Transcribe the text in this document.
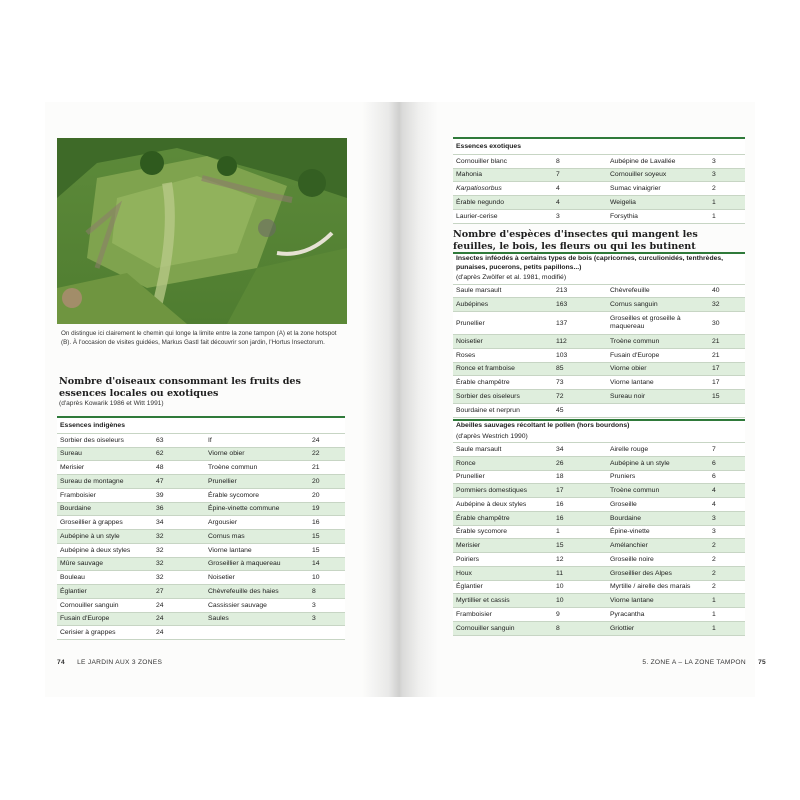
On distingue ici clairement le chemin qui longe la limite entre la zone tampon (A) et la zone hotspot (B). À l'occasion de visites guidées, Markus Gastl fait découvrir son jardin, l'Hortus Insectorum.

Nombre d'oiseaux consommant les fruits des essences locales ou exotiques

(d'après Kowarik 1986 et Witt 1991)

Essences indigènes			
Sorbier des oiseleurs	63	If	24
Sureau	62	Viorne obier	22
Merisier	48	Troène commun	21
Sureau de montagne	47	Prunellier	20
Framboisier	39	Érable sycomore	20
Bourdaine	36	Épine-vinette commune	19
Groseillier à grappes	34	Argousier	16
Aubépine à un style	32	Cornus mas	15
Aubépine à deux styles	32	Viorne lantane	15
Mûre sauvage	32	Groseillier à maquereau	14
Bouleau	32	Noisetier	10
Églantier	27	Chèvrefeuille des haies	8
Cornouiller sanguin	24	Cassissier sauvage	3
Fusain d'Europe	24	Saules	3
Cerisier à grappes	24		
Essences exotiques			
Cornouiller blanc	8	Aubépine de Lavallée	3
Mahonia	7	Cornouiller soyeux	3
Karpatiosorbus	4	Sumac vinaigrier	2
Érable negundo	4	Weigelia	1
Laurier-cerise	3	Forsythia	1
Nombre d'espèces d'insectes qui mangent les feuilles, le bois, les fleurs ou qui les butinent
Insectes inféodés à certains types de bois (capricornes, curculionidés, tenthrèdes, punaises, pucerons, petits papillons...)
(d'après Zwölfer et al. 1981, modifié)			

Saule marsault	213	Chèvrefeuille	40
Aubépines	163	Cornus sanguin	32
Prunellier	137	Groseilles et groseille à maquereau	30
Noisetier	112	Troène commun	21
Roses	103	Fusain d'Europe	21
Ronce et framboise	85	Viorne obier	17
Érable champêtre	73	Viorne lantane	17
Sorbier des oiseleurs	72	Sureau noir	15
Bourdaine et nerprun	45		
Abeilles sauvages récoltant le pollen (hors bourdons)
(d'après Westrich 1990)			

Saule marsault	34	Airelle rouge	7
Ronce	26	Aubépine à un style	6
Prunellier	18	Pruniers	6
Pommiers domestiques	17	Troène commun	4
Aubépine à deux styles	16	Groseille	4
Érable champêtre	16	Bourdaine	3
Érable sycomore	1	Épine-vinette	3
Merisier	15	Amélanchier	2
Poiriers	12	Groseille noire	2
Houx	11	Groseillier des Alpes	2
Églantier	10	Myrtille / airelle des marais	2
Myrtillier et cassis	10	Viorne lantane	1
Framboisier	9	Pyracantha	1
Cornouiller sanguin	8	Griottier	1
74 LE JARDIN AUX 3 ZONES	5. ZONE A – LA ZONE TAMPON 75
